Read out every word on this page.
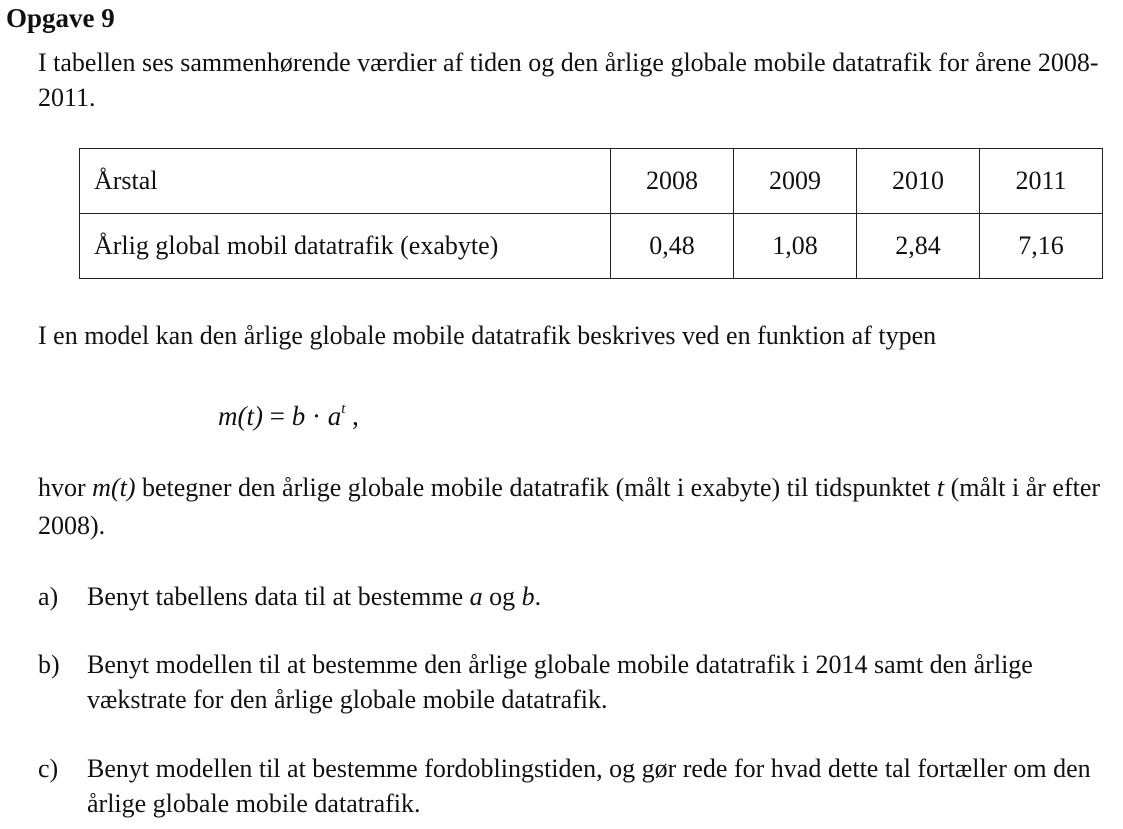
Opgave 9

I tabellen ses sammenhørende værdier af tiden og den årlige globale mobile datatrafik for årene 2008-2011.

Årstal	2008	2009	2010	2011
Årlig global mobil datatrafik (exabyte)	0,48	1,08	2,84	7,16

I en model kan den årlige globale mobile datatrafik beskrives ved en funktion af typen

$m(t) = b \cdot a^t$ ,

hvor m(t) betegner den årlige globale mobile datatrafik (målt i exabyte) til tidspunktet t (målt i år efter 2008).

a) Benyt tabellens data til at bestemme a og b.
b) Benyt modellen til at bestemme den årlige globale mobile datatrafik i 2014 samt den årlige vækstrate for den årlige globale mobile datatrafik.
c) Benyt modellen til at bestemme fordoblingstiden, og gør rede for hvad dette tal fortæller om den årlige globale mobile datatrafik.
